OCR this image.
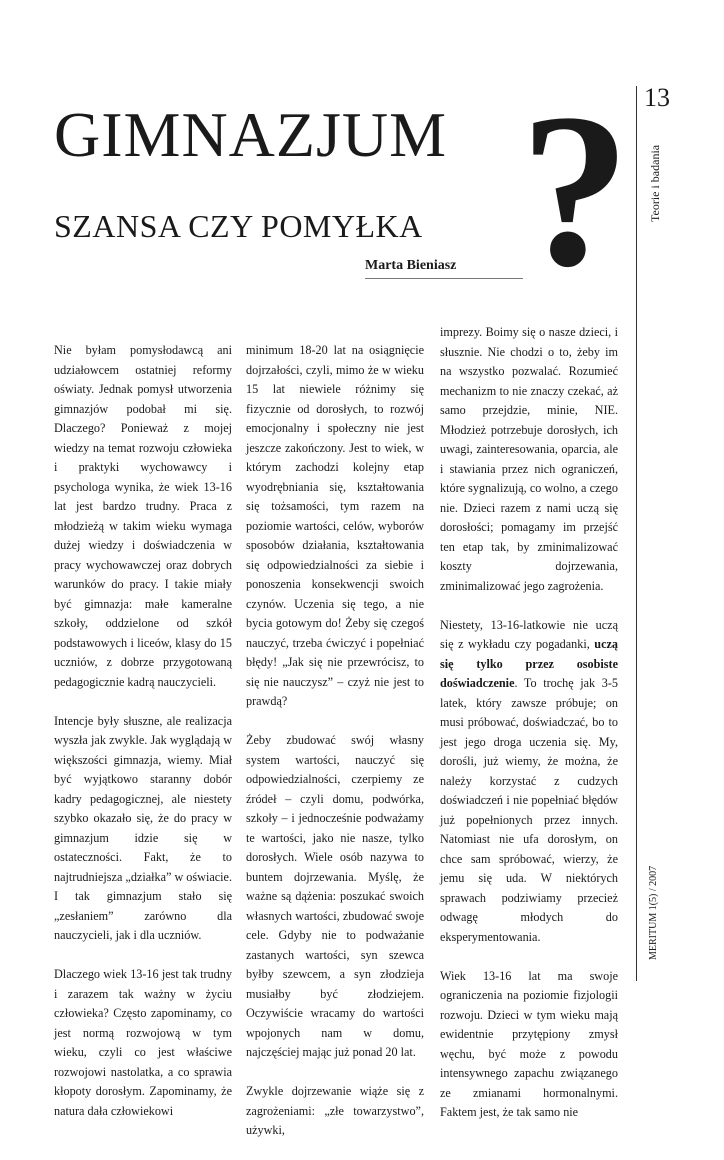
GIMNAZJUM
SZANSA CZY POMYŁKA ?
Marta Bieniasz
13
Teorie i badania
MERITUM 1(5) / 2007

Nie byłam pomysłodawcą ani udziałowcem ostatniej reformy oświaty. Jednak pomysł utworzenia gimnazjów podobał mi się. Dlaczego? Ponieważ z mojej wiedzy na temat rozwoju człowieka i praktyki wychowawcy i psychologa wynika, że wiek 13-16 lat jest bardzo trudny. Praca z młodzieżą w takim wieku wymaga dużej wiedzy i doświadczenia w pracy wychowawczej oraz dobrych warunków do pracy. I takie miały być gimnazja: małe kameralne szkoły, oddzielone od szkół podstawowych i liceów, klasy do 15 uczniów, z dobrze przygotowaną pedagogicznie kadrą nauczycieli.

Intencje były słuszne, ale realizacja wyszła jak zwykle. Jak wyglądają w większości gimnazja, wiemy. Miał być wyjątkowo staranny dobór kadry pedagogicznej, ale niestety szybko okazało się, że do pracy w gimnazjum idzie się w ostateczności. Fakt, że to najtrudniejsza „działka” w oświacie. I tak gimnazjum stało się „zesłaniem” zarówno dla nauczycieli, jak i dla uczniów.

Dlaczego wiek 13-16 jest tak trudny i zarazem tak ważny w życiu człowieka? Często zapominamy, co jest normą rozwojową w tym wieku, czyli co jest właściwe rozwojowi nastolatka, a co sprawia kłopoty dorosłym. Zapominamy, że natura dała człowiekowi

minimum 18-20 lat na osiągnięcie dojrzałości, czyli, mimo że w wieku 15 lat niewiele różnimy się fizycznie od dorosłych, to rozwój emocjonalny i społeczny nie jest jeszcze zakończony. Jest to wiek, w którym zachodzi kolejny etap wyodrębniania się, kształtowania się tożsamości, tym razem na poziomie wartości, celów, wyborów sposobów działania, kształtowania się odpowiedzialności za siebie i ponoszenia konsekwencji swoich czynów. Uczenia się tego, a nie bycia gotowym do! Żeby się czegoś nauczyć, trzeba ćwiczyć i popełniać błędy! „Jak się nie przewrócisz, to się nie nauczysz” – czyż nie jest to prawdą?

Żeby zbudować swój własny system wartości, nauczyć się odpowiedzialności, czerpiemy ze źródeł – czyli domu, podwórka, szkoły – i jednocześnie podważamy te wartości, jako nie nasze, tylko dorosłych. Wiele osób nazywa to buntem dojrzewania. Myślę, że ważne są dążenia: poszukać swoich własnych wartości, zbudować swoje cele. Gdyby nie to podważanie zastanych wartości, syn szewca byłby szewcem, a syn złodzieja musiałby być złodziejem. Oczywiście wracamy do wartości wpojonych nam w domu, najczęściej mając już ponad 20 lat.

Zwykle dojrzewanie wiąże się z zagrożeniami: „złe towarzystwo”, używki,

imprezy. Boimy się o nasze dzieci, i słusznie. Nie chodzi o to, żeby im na wszystko pozwalać. Rozumieć mechanizm to nie znaczy czekać, aż samo przejdzie, minie, NIE. Młodzież potrzebuje dorosłych, ich uwagi, zainteresowania, oparcia, ale i stawiania przez nich ograniczeń, które sygnalizują, co wolno, a czego nie. Dzieci razem z nami uczą się dorosłości; pomagamy im przejść ten etap tak, by zminimalizować koszty dojrzewania, zminimalizować jego zagrożenia.

Niestety, 13-16-latkowie nie uczą się z wykładu czy pogadanki, uczą się tylko przez osobiste doświadczenie. To trochę jak 3-5 latek, który zawsze próbuje; on musi próbować, doświadczać, bo to jest jego droga uczenia się. My, dorośli, już wiemy, że można, że należy korzystać z cudzych doświadczeń i nie popełniać błędów już popełnionych przez innych. Natomiast nie ufa dorosłym, on chce sam spróbować, wierzy, że jemu się uda. W niektórych sprawach podziwiamy przecież odwagę młodych do eksperymentowania.

Wiek 13-16 lat ma swoje ograniczenia na poziomie fizjologii rozwoju. Dzieci w tym wieku mają ewidentnie przytępiony zmysł węchu, być może z powodu intensywnego zapachu związanego ze zmianami hormonalnymi. Faktem jest, że tak samo nie
